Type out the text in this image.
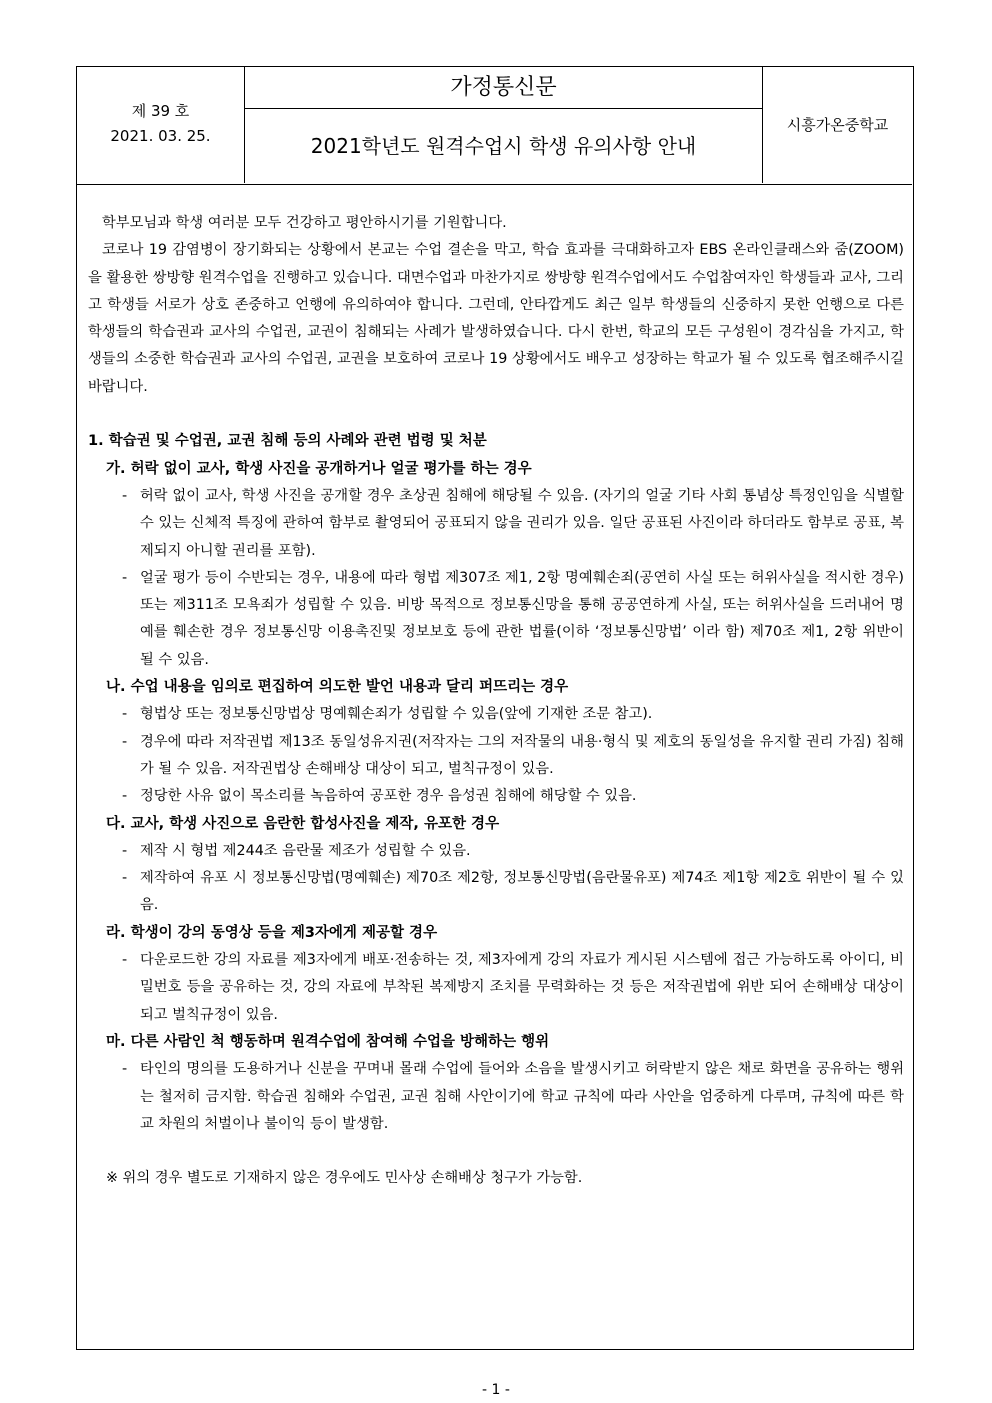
제 39 호
2021. 03. 25.
가정통신문
2021학년도 원격수업시 학생 유의사항 안내
시흥가온중학교

학부모님과 학생 여러분 모두 건강하고 평안하시기를 기원합니다.

코로나 19 감염병이 장기화되는 상황에서 본교는 수업 결손을 막고, 학습 효과를 극대화하고자 EBS 온라인클래스와 줌(ZOOM)을 활용한 쌍방향 원격수업을 진행하고 있습니다. 대면수업과 마찬가지로 쌍방향 원격수업에서도 수업참여자인 학생들과 교사, 그리고 학생들 서로가 상호 존중하고 언행에 유의하여야 합니다. 그런데, 안타깝게도 최근 일부 학생들의 신중하지 못한 언행으로 다른 학생들의 학습권과 교사의 수업권, 교권이 침해되는 사례가 발생하였습니다. 다시 한번, 학교의 모든 구성원이 경각심을 가지고, 학생들의 소중한 학습권과 교사의 수업권, 교권을 보호하여 코로나 19 상황에서도 배우고 성장하는 학교가 될 수 있도록 협조해주시길 바랍니다.

1. 학습권 및 수업권, 교권 침해 등의 사례와 관련 법령 및 처분

가. 허락 없이 교사, 학생 사진을 공개하거나 얼굴 평가를 하는 경우

- 허락 없이 교사, 학생 사진을 공개할 경우 초상권 침해에 해당될 수 있음. (자기의 얼굴 기타 사회 통념상 특정인임을 식별할 수 있는 신체적 특징에 관하여 함부로 촬영되어 공표되지 않을 권리가 있음. 일단 공표된 사진이라 하더라도 함부로 공표, 복제되지 아니할 권리를 포함).

- 얼굴 평가 등이 수반되는 경우, 내용에 따라 형법 제307조 제1, 2항 명예훼손죄(공연히 사실 또는 허위사실을 적시한 경우) 또는 제311조 모욕죄가 성립할 수 있음. 비방 목적으로 정보통신망을 통해 공공연하게 사실, 또는 허위사실을 드러내어 명예를 훼손한 경우 정보통신망 이용촉진및 정보보호 등에 관한 법률(이하 ‘정보통신망법’ 이라 함) 제70조 제1, 2항 위반이 될 수 있음.

나. 수업 내용을 임의로 편집하여 의도한 발언 내용과 달리 퍼뜨리는 경우

- 형법상 또는 정보통신망법상 명예훼손죄가 성립할 수 있음(앞에 기재한 조문 참고).

- 경우에 따라 저작권법 제13조 동일성유지권(저작자는 그의 저작물의 내용·형식 및 제호의 동일성을 유지할 권리 가짐) 침해가 될 수 있음. 저작권법상 손해배상 대상이 되고, 벌칙규정이 있음.

- 정당한 사유 없이 목소리를 녹음하여 공포한 경우 음성권 침해에 해당할 수 있음.

다. 교사, 학생 사진으로 음란한 합성사진을 제작, 유포한 경우

- 제작 시 형법 제244조 음란물 제조가 성립할 수 있음.

- 제작하여 유포 시 정보통신망법(명예훼손) 제70조 제2항, 정보통신망법(음란물유포) 제74조 제1항 제2호 위반이 될 수 있음.

라. 학생이 강의 동영상 등을 제3자에게 제공할 경우

- 다운로드한 강의 자료를 제3자에게 배포·전송하는 것, 제3자에게 강의 자료가 게시된 시스템에 접근 가능하도록 아이디, 비밀번호 등을 공유하는 것, 강의 자료에 부착된 복제방지 조치를 무력화하는 것 등은 저작권법에 위반 되어 손해배상 대상이 되고 벌칙규정이 있음.

마. 다른 사람인 척 행동하며 원격수업에 참여해 수업을 방해하는 행위

- 타인의 명의를 도용하거나 신분을 꾸며내 몰래 수업에 들어와 소음을 발생시키고 허락받지 않은 채로 화면을 공유하는 행위는 철저히 금지함. 학습권 침해와 수업권, 교권 침해 사안이기에 학교 규칙에 따라 사안을 엄중하게 다루며, 규칙에 따른 학교 차원의 처벌이나 불이익 등이 발생함.

※ 위의 경우 별도로 기재하지 않은 경우에도 민사상 손해배상 청구가 가능함.

- 1 -
